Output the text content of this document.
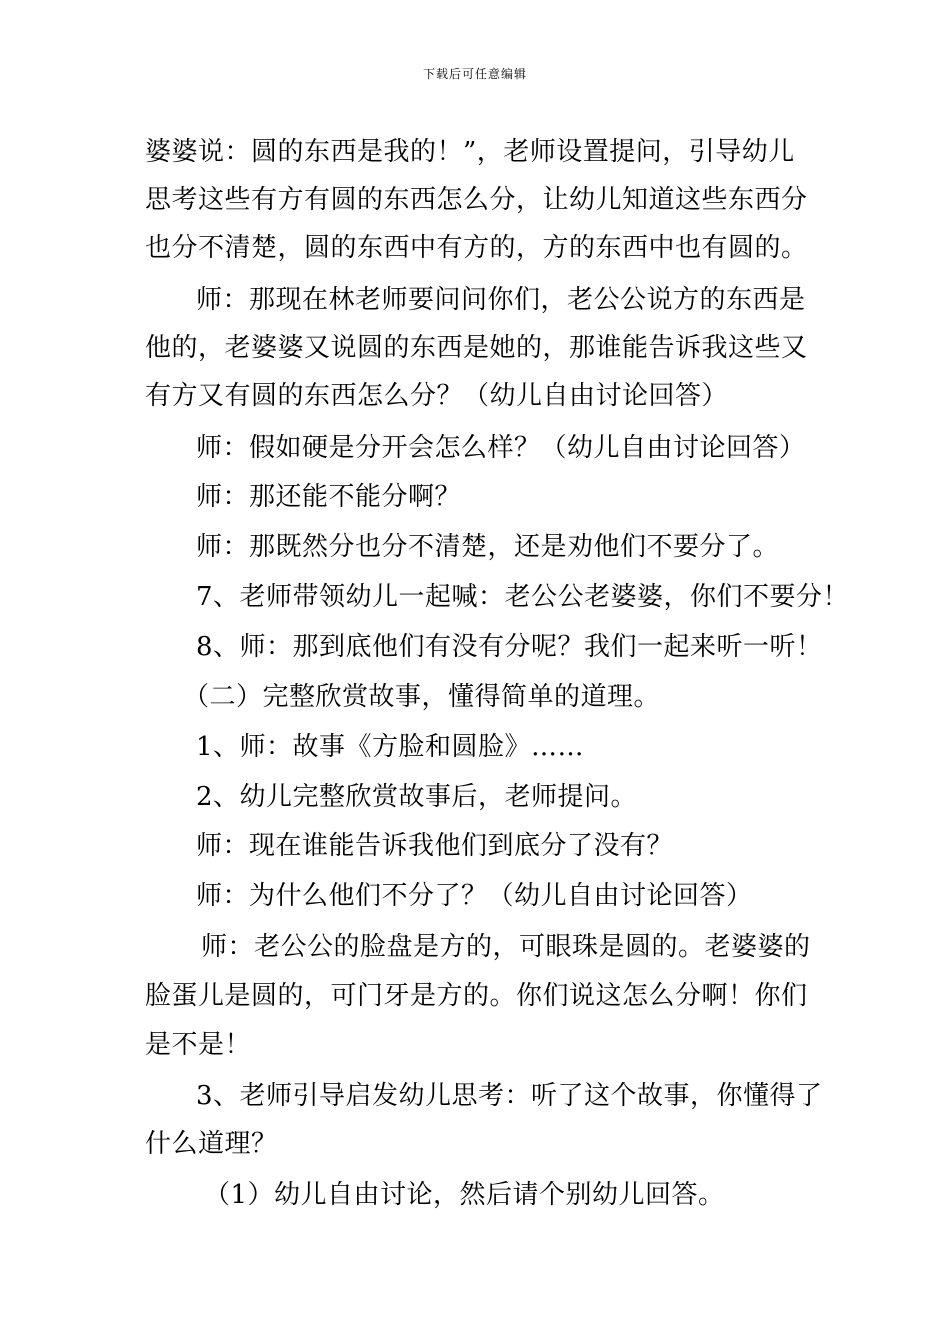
下载后可任意编辑
婆婆说：圆的东西是我的！”，老师设置提问，引导幼儿
思考这些有方有圆的东西怎么分，让幼儿知道这些东西分
也分不清楚，圆的东西中有方的，方的东西中也有圆的。
师：那现在林老师要问问你们，老公公说方的东西是
他的，老婆婆又说圆的东西是她的，那谁能告诉我这些又
有方又有圆的东西怎么分？（幼儿自由讨论回答）
师：假如硬是分开会怎么样？（幼儿自由讨论回答）
师：那还能不能分啊？
师：那既然分也分不清楚，还是劝他们不要分了。
7、老师带领幼儿一起喊：老公公老婆婆，你们不要分！
8、师：那到底他们有没有分呢？我们一起来听一听！
（二）完整欣赏故事，懂得简单的道理。
1、师：故事《方脸和圆脸》……
2、幼儿完整欣赏故事后，老师提问。
师：现在谁能告诉我他们到底分了没有？
师：为什么他们不分了？（幼儿自由讨论回答）
师：老公公的脸盘是方的，可眼珠是圆的。老婆婆的
脸蛋儿是圆的，可门牙是方的。你们说这怎么分啊！你们
是不是！
3、老师引导启发幼儿思考：听了这个故事，你懂得了
什么道理？
（1）幼儿自由讨论，然后请个别幼儿回答。
